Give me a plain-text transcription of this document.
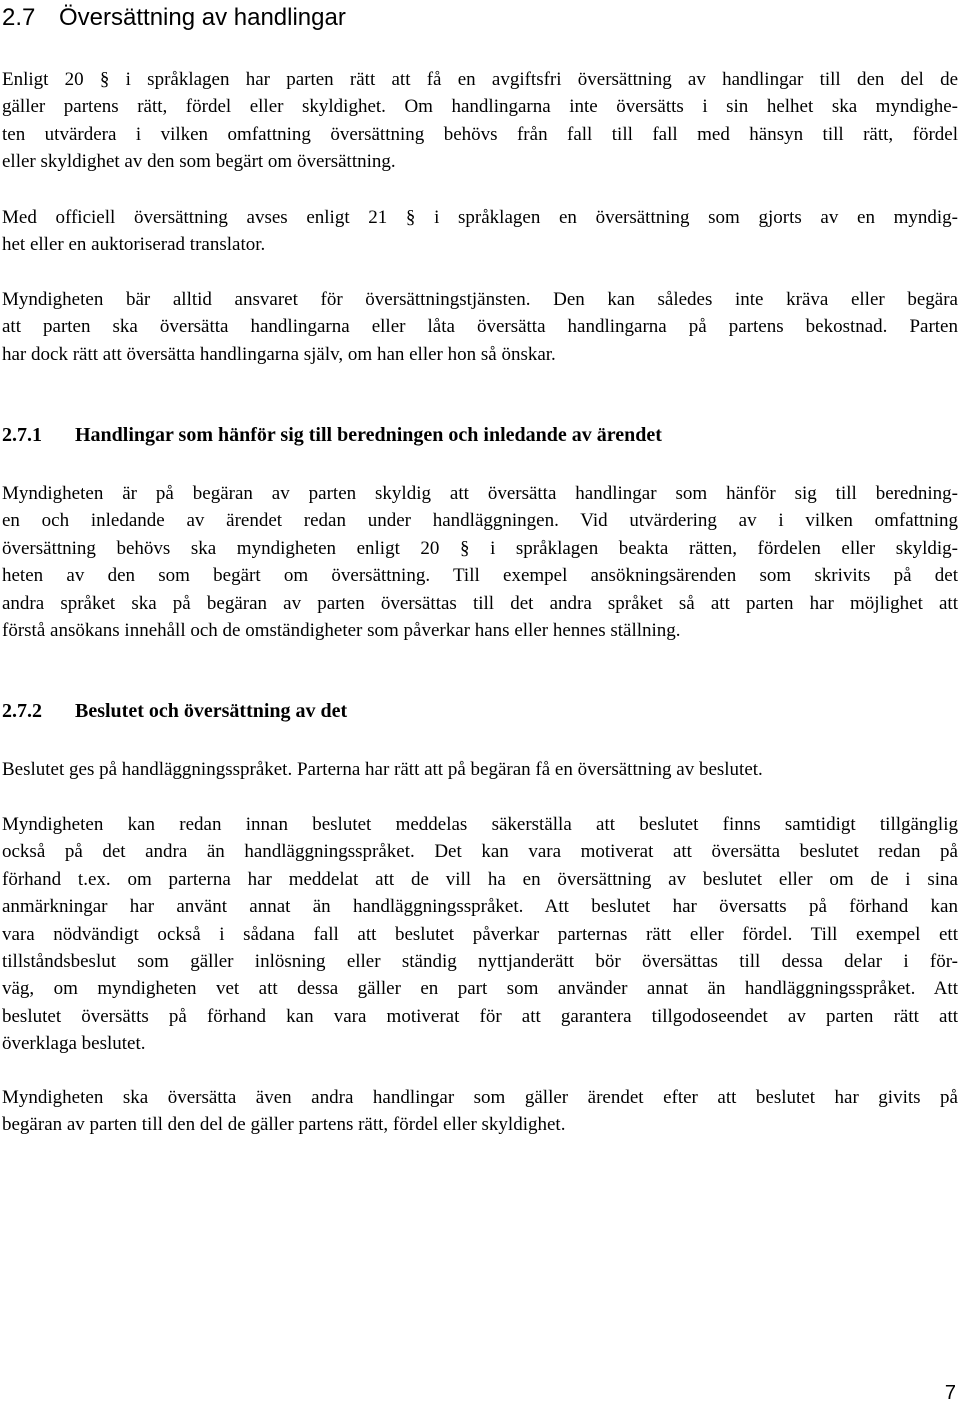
2.7 Översättning av handlingar

Enligt 20 § i språklagen har parten rätt att få en avgiftsfri översättning av handlingar till den del de
gäller partens rätt, fördel eller skyldighet. Om handlingarna inte översätts i sin helhet ska myndighe-
ten utvärdera i vilken omfattning översättning behövs från fall till fall med hänsyn till rätt, fördel
eller skyldighet av den som begärt om översättning.

Med officiell översättning avses enligt 21 § i språklagen en översättning som gjorts av en myndig-
het eller en auktoriserad translator.

Myndigheten bär alltid ansvaret för översättningstjänsten. Den kan således inte kräva eller begära
att parten ska översätta handlingarna eller låta översätta handlingarna på partens bekostnad. Parten
har dock rätt att översätta handlingarna själv, om han eller hon så önskar.

2.7.1 Handlingar som hänför sig till beredningen och inledande av ärendet

Myndigheten är på begäran av parten skyldig att översätta handlingar som hänför sig till beredning-
en och inledande av ärendet redan under handläggningen. Vid utvärdering av i vilken omfattning
översättning behövs ska myndigheten enligt 20 § i språklagen beakta rätten, fördelen eller skyldig-
heten av den som begärt om översättning. Till exempel ansökningsärenden som skrivits på det
andra språket ska på begäran av parten översättas till det andra språket så att parten har möjlighet att
förstå ansökans innehåll och de omständigheter som påverkar hans eller hennes ställning.

2.7.2 Beslutet och översättning av det

Beslutet ges på handläggningsspråket. Parterna har rätt att på begäran få en översättning av beslutet.

Myndigheten kan redan innan beslutet meddelas säkerställa att beslutet finns samtidigt tillgänglig
också på det andra än handläggningsspråket. Det kan vara motiverat att översätta beslutet redan på
förhand t.ex. om parterna har meddelat att de vill ha en översättning av beslutet eller om de i sina
anmärkningar har använt annat än handläggningsspråket. Att beslutet har översatts på förhand kan
vara nödvändigt också i sådana fall att beslutet påverkar parternas rätt eller fördel. Till exempel ett
tillståndsbeslut som gäller inlösning eller ständig nyttjanderätt bör översättas till dessa delar i för-
väg, om myndigheten vet att dessa gäller en part som använder annat än handläggningsspråket. Att
beslutet översätts på förhand kan vara motiverat för att garantera tillgodoseendet av parten rätt att
överklaga beslutet.

Myndigheten ska översätta även andra handlingar som gäller ärendet efter att beslutet har givits på
begäran av parten till den del de gäller partens rätt, fördel eller skyldighet.

7
